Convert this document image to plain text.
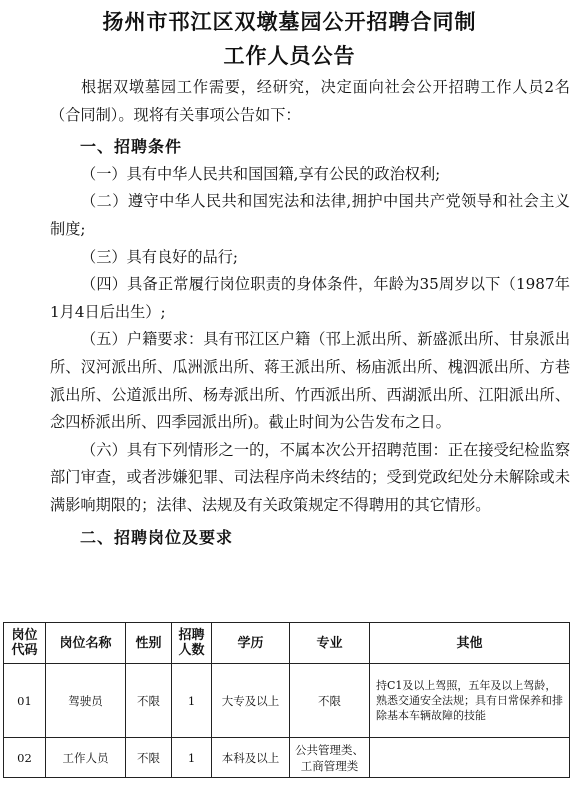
扬州市邗江区双墩墓园公开招聘合同制
工作人员公告

根据双墩墓园工作需要，经研究，决定面向社会公开招聘工作人员2名（合同制）。现将有关事项公告如下：

一、招聘条件

（一）具有中华人民共和国国籍,享有公民的政治权利;

（二）遵守中华人民共和国宪法和法律,拥护中国共产党领导和社会主义制度;

（三）具有良好的品行;

（四）具备正常履行岗位职责的身体条件，年龄为35周岁以下（1987年1月4日后出生）;

（五）户籍要求：具有邗江区户籍（邗上派出所、新盛派出所、甘泉派出所、汊河派出所、瓜洲派出所、蒋王派出所、杨庙派出所、槐泗派出所、方巷派出所、公道派出所、杨寿派出所、竹西派出所、西湖派出所、江阳派出所、念四桥派出所、四季园派出所)。截止时间为公告发布之日。

（六）具有下列情形之一的，不属本次公开招聘范围：正在接受纪检监察部门审查，或者涉嫌犯罪、司法程序尚未终结的；受到党政纪处分未解除或未满影响期限的；法律、法规及有关政策规定不得聘用的其它情形。

二、招聘岗位及要求

岗位代码	岗位名称	性别	招聘人数	学历	专业	其他
01	驾驶员	不限	1	大专及以上	不限	持C1及以上驾照，五年及以上驾龄，熟悉交通安全法规；具有日常保养和排除基本车辆故障的技能
02	工作人员	不限	1	本科及以上	公共管理类、工商管理类	
